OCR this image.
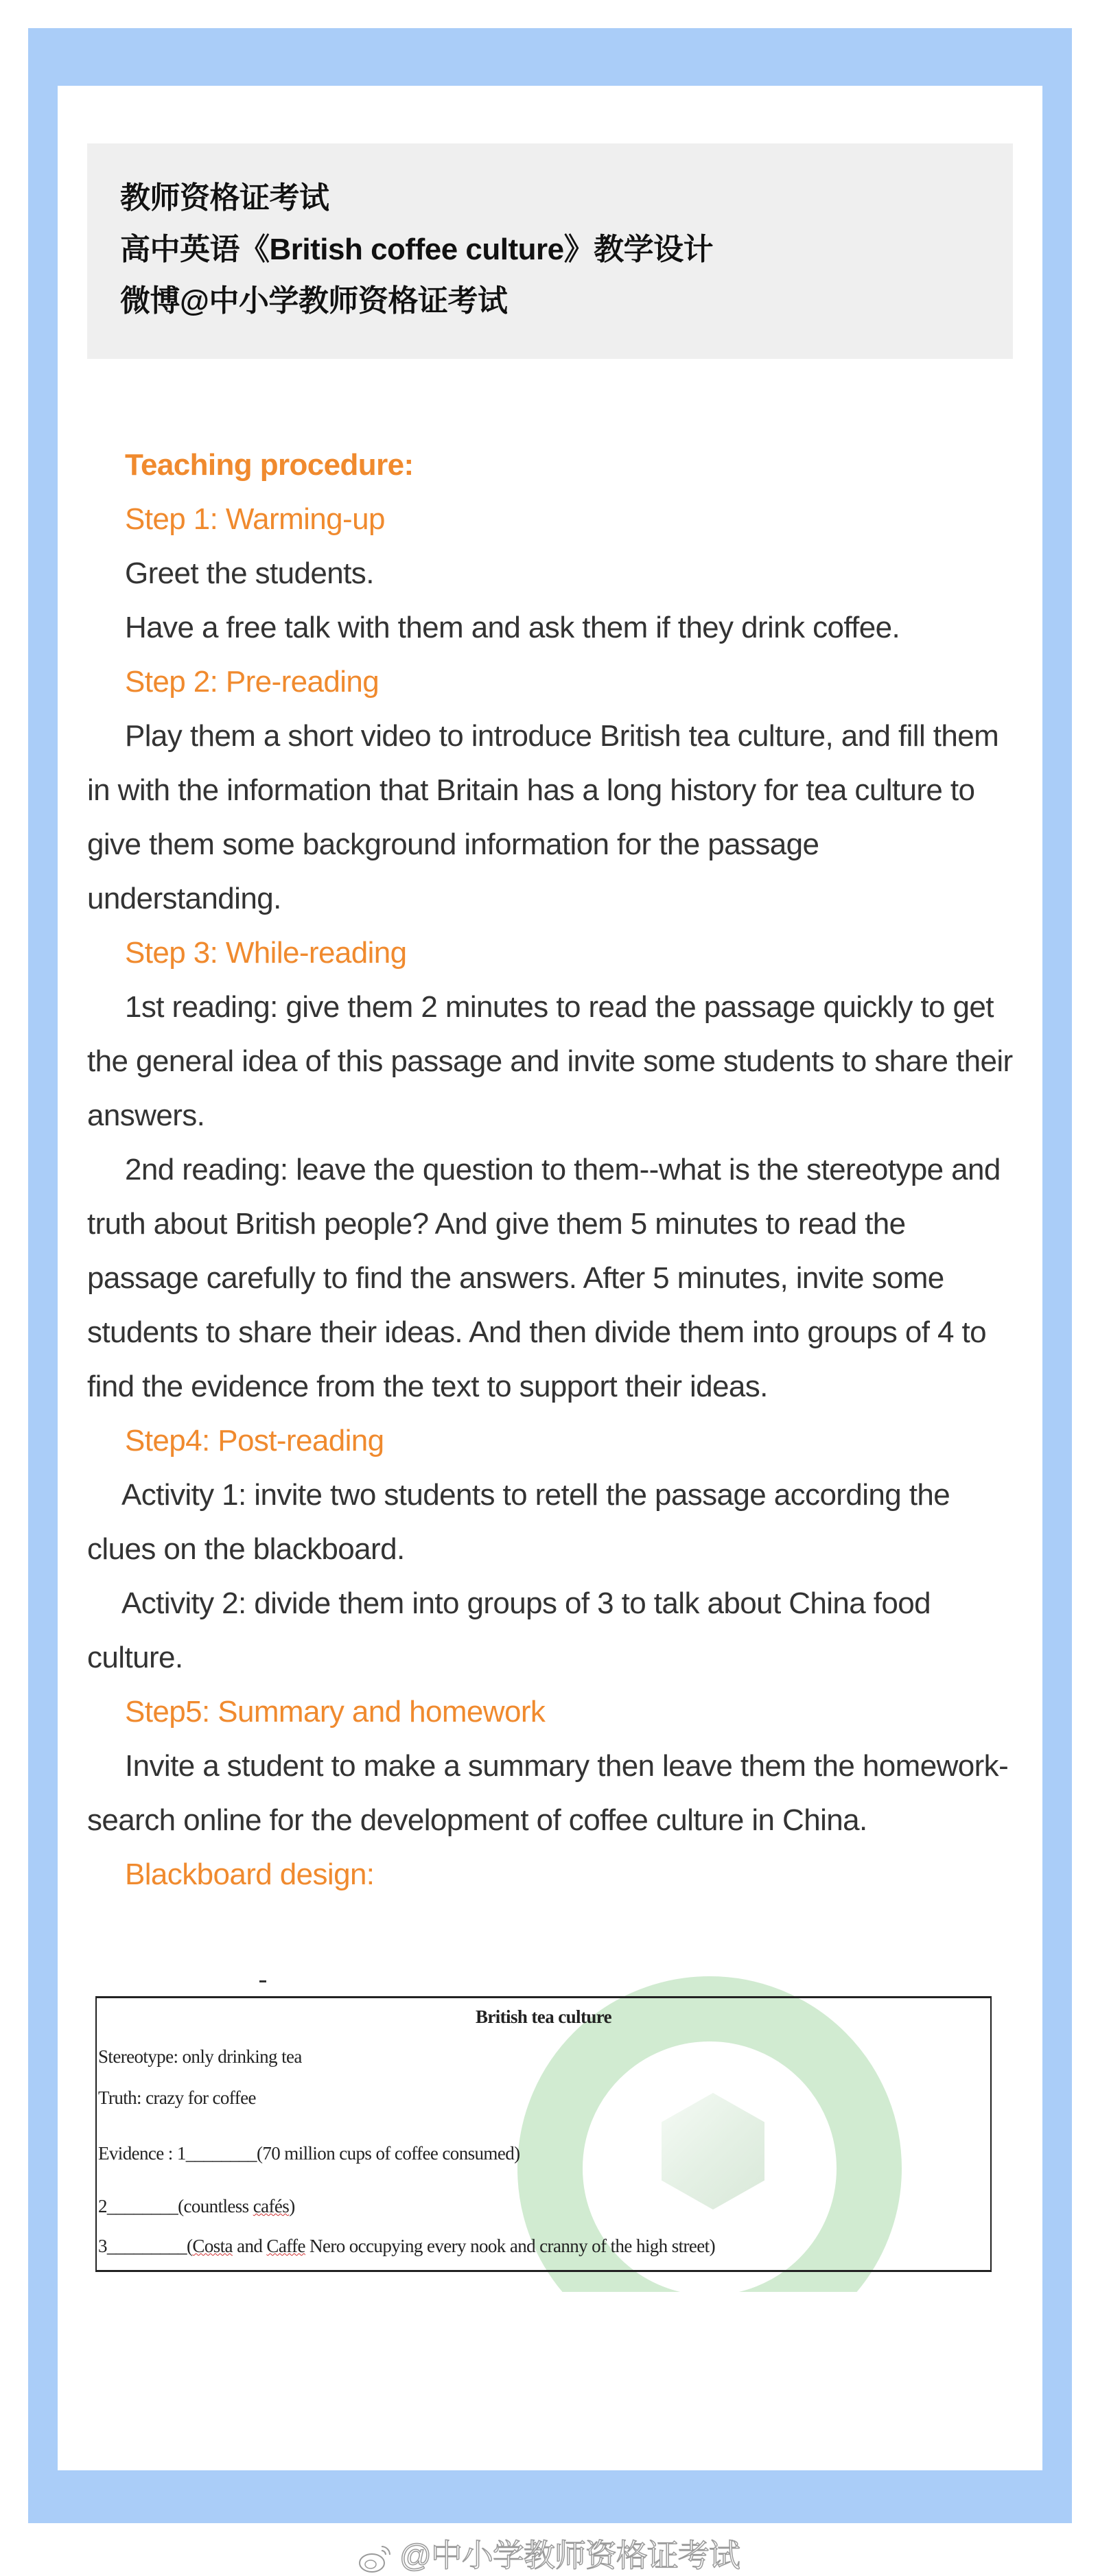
教师资格证考试
高中英语《British coffee culture》教学设计
微博@中小学教师资格证考试

Teaching procedure:

Step 1: Warming-up

Greet the students.

Have a free talk with them and ask them if they drink coffee.

Step 2: Pre-reading

Play them a short video to introduce British tea culture, and fill them in with the information that Britain has a long history for tea culture to give them some background information for the passage understanding.

Step 3: While-reading

1st reading: give them 2 minutes to read the passage quickly to get the general idea of this passage and invite some students to share their answers.

2nd reading: leave the question to them--what is the stereotype and truth about British people? And give them 5 minutes to read the passage carefully to find the answers. After 5 minutes, invite some students to share their ideas. And then divide them into groups of 4 to find the evidence from the text to support their ideas.

Step4: Post-reading

Activity 1: invite two students to retell the passage according the clues on the blackboard.

Activity 2: divide them into groups of 3 to talk about China food culture.

Step5: Summary and homework

Invite a student to make a summary then leave them the homework-search online for the development of coffee culture in China.

Blackboard design:

British tea culture
Stereotype: only drinking tea
Truth: crazy for coffee
Evidence : 1________(70 million cups of coffee consumed)
2________(countless cafés)
3_________(Costa and Caffe Nero occupying every nook and cranny of the high street)
@中小学教师资格证考试
